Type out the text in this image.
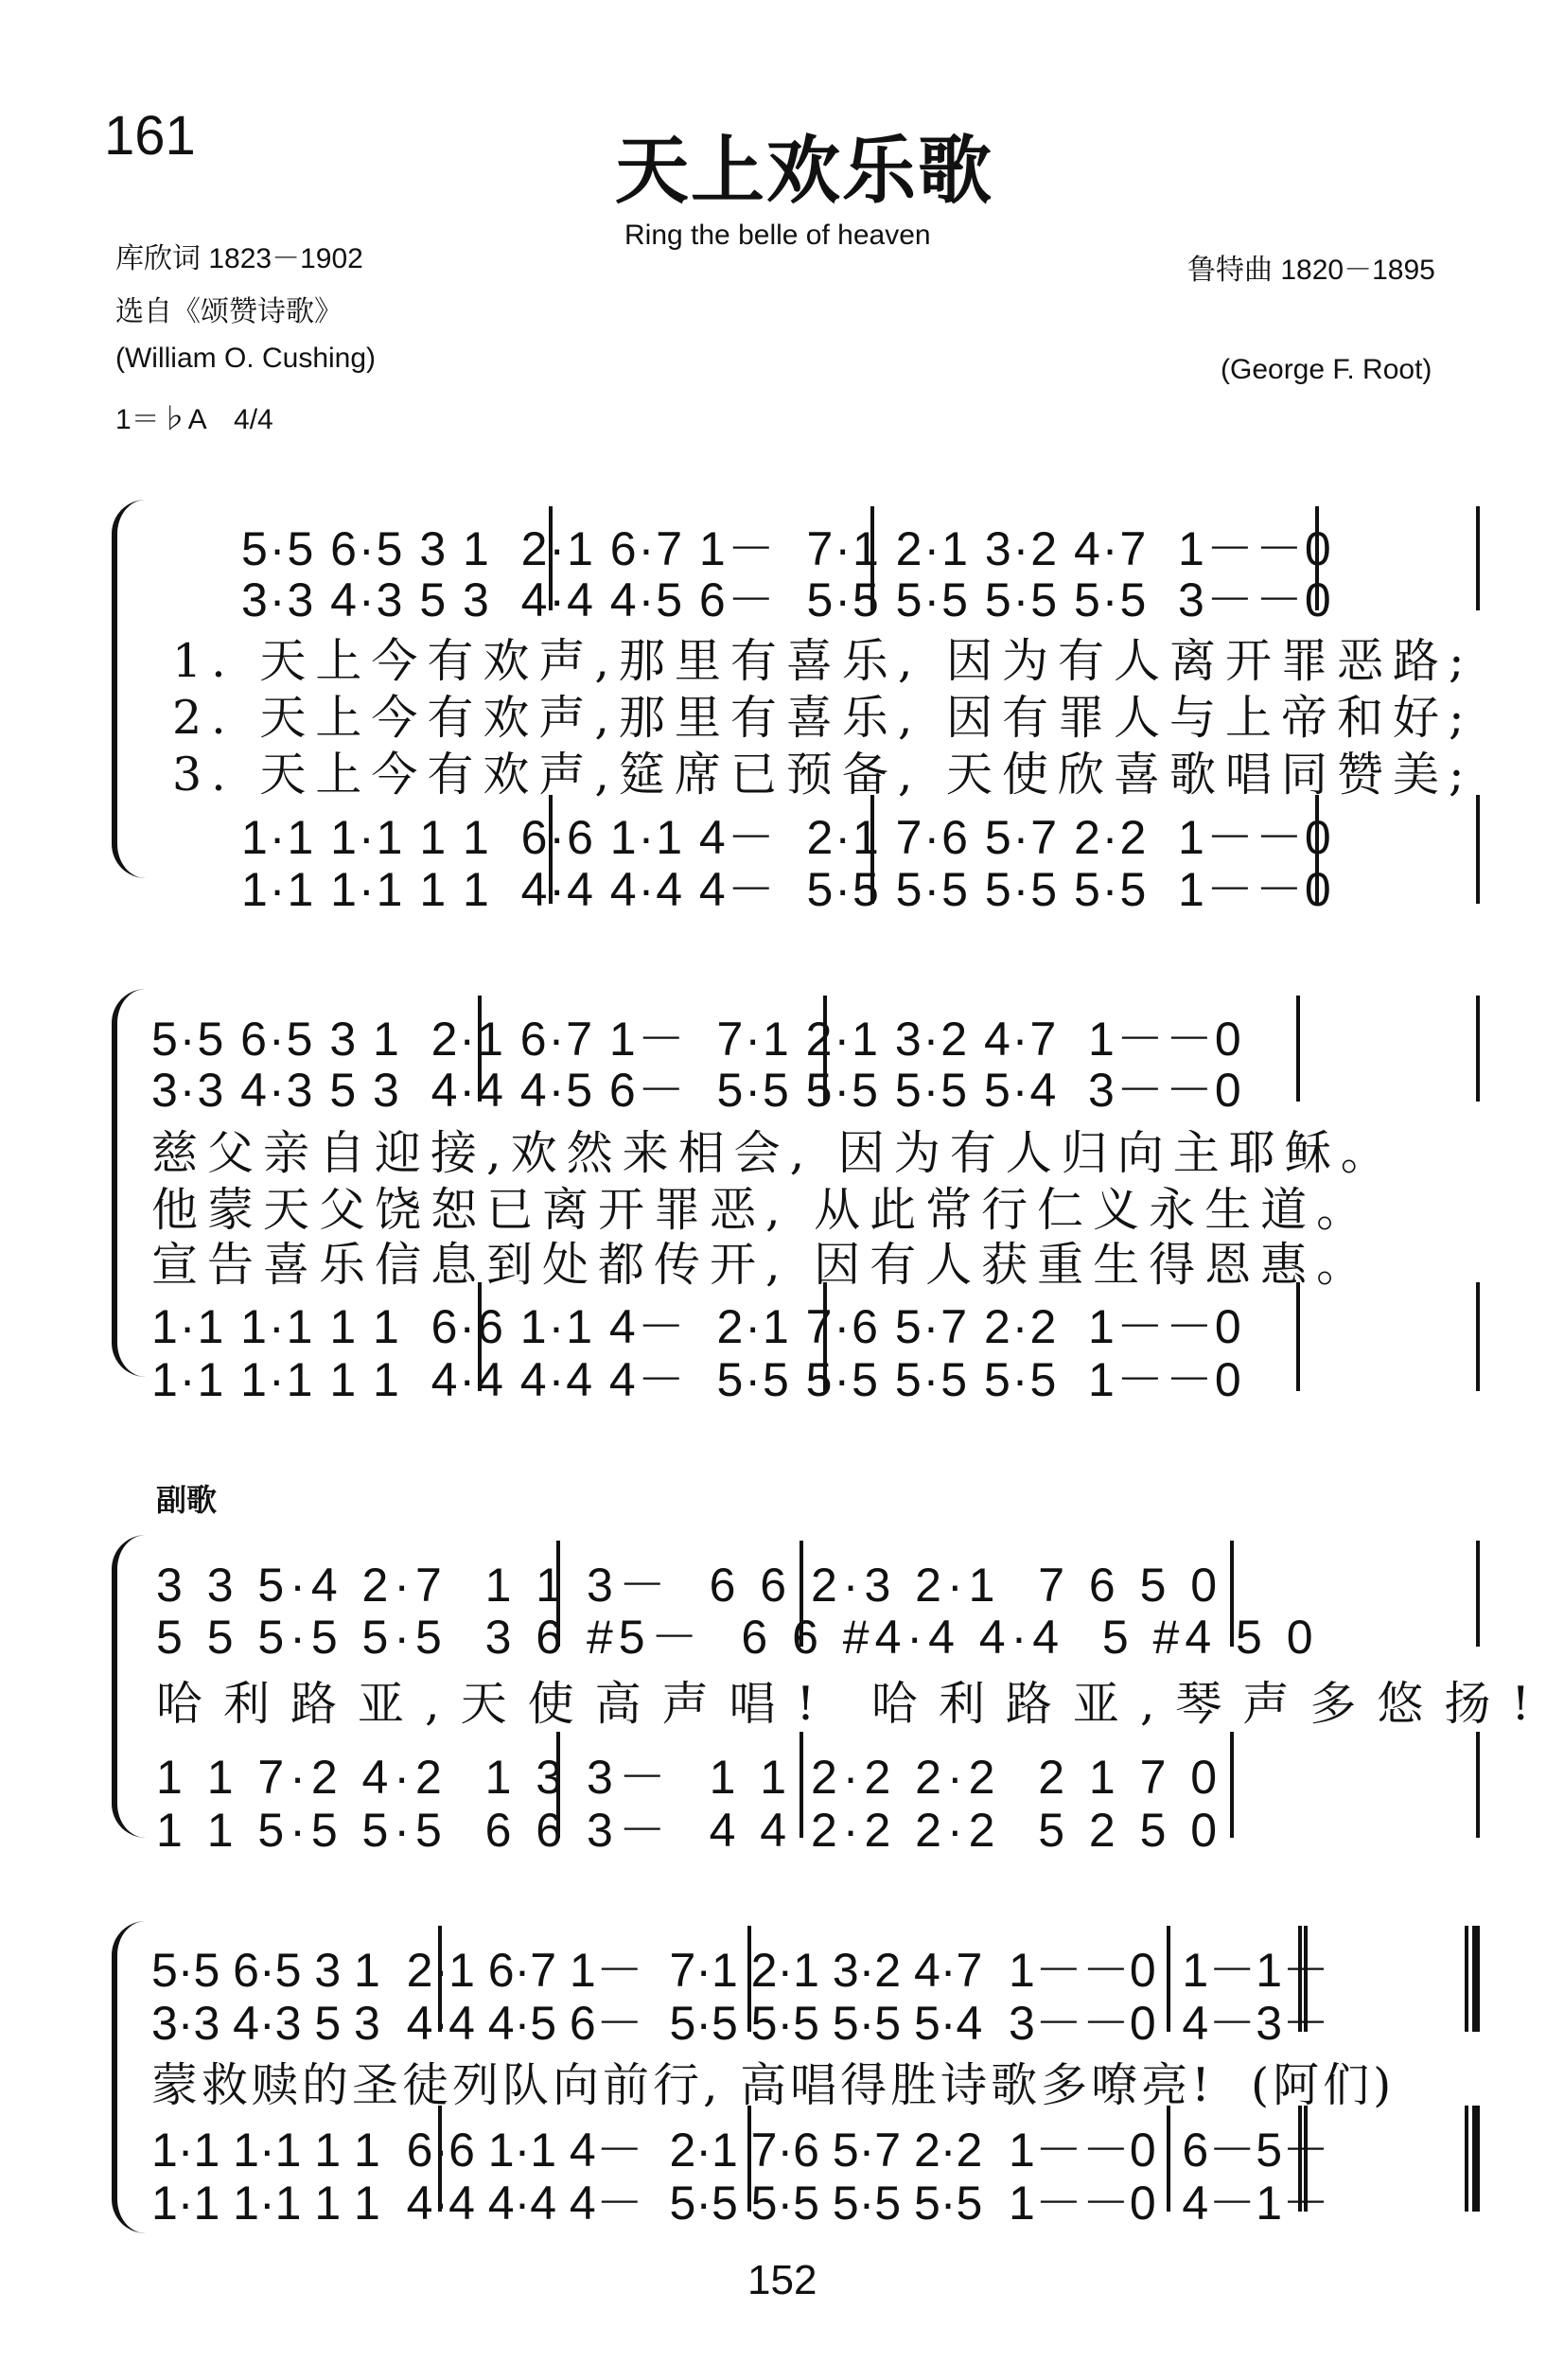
161	天上欢乐歌
Ring the belle of heaven
库欣词 1823－1902
选自《颂赞诗歌》
(William O. Cushing)
1＝♭A　4/4
鲁特曲 1820－1895
(George F. Root)
5·5 6·5 3 1  2·1 6·7 1－  7·1 2·1 3·2 4·7  1－－0
3·3 4·3 5 3  4·4 4·5 6－  5·5 5·5 5·5 5·5  3－－0
1. 天上今有欢声,那里有喜乐, 因为有人离开罪恶路;
2. 天上今有欢声,那里有喜乐, 因有罪人与上帝和好;
3. 天上今有欢声,筵席已预备, 天使欣喜歌唱同赞美;
1·1 1·1 1 1  6·6 1·1 4－  2·1 7·6 5·7 2·2  1－－0
1·1 1·1 1 1  4·4 4·4 4－  5·5 5·5 5·5 5·5  1－－0
5·5 6·5 3 1  2·1 6·7 1－  7·1 2·1 3·2 4·7  1－－0
3·3 4·3 5 3  4·4 4·5 6－  5·5 5·5 5·5 5·4  3－－0
慈父亲自迎接,欢然来相会, 因为有人归向主耶稣。
他蒙天父饶恕已离开罪恶, 从此常行仁义永生道。
宣告喜乐信息到处都传开, 因有人获重生得恩惠。
1·1 1·1 1 1  6·6 1·1 4－  2·1 7·6 5·7 2·2  1－－0
1·1 1·1 1 1  4·4 4·4 4－  5·5 5·5 5·5 5·5  1－－0
副歌
3 3 5·4 2·7  1 1 3－  6 6 2·3 2·1  7 6 5 0
5 5 5·5 5·5  3 6 #5－  6 6 #4·4 4·4  5 #4 5 0
哈利路亚,天使高声唱! 哈利路亚,琴声多悠扬!
1 1 7·2 4·2  1 3 3－  1 1 2·2 2·2  2 1 7 0
1 1 5·5 5·5  6 6 3－  4 4 2·2 2·2  5 2 5 0
5·5 6·5 3 1  2·1 6·7 1－  7·1 2·1 3·2 4·7  1－－0  1－1－
3·3 4·3 5 3  4·4 4·5 6－  5·5 5·5 5·5 5·4  3－－0  4－3－
蒙救赎的圣徒列队向前行, 高唱得胜诗歌多嘹亮!  (阿们)
1·1 1·1 1 1  6·6 1·1 4－  2·1 7·6 5·7 2·2  1－－0  6－5－
1·1 1·1 1 1  4·4 4·4 4－  5·5 5·5 5·5 5·5  1－－0  4－1－
152
